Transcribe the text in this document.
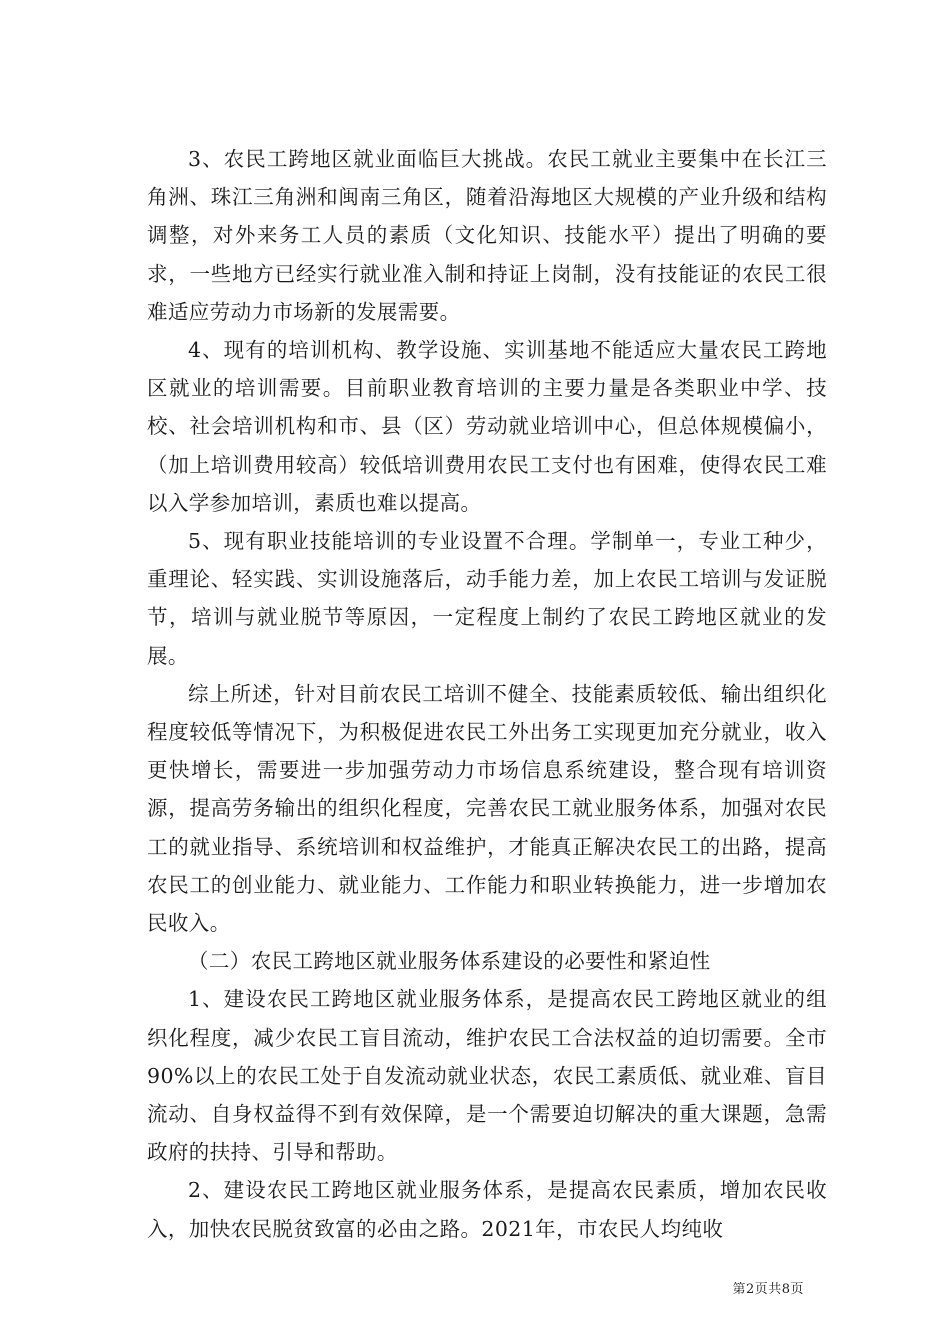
3、农民工跨地区就业面临巨大挑战。农民工就业主要集中在长江三角洲、珠江三角洲和闽南三角区，随着沿海地区大规模的产业升级和结构调整，对外来务工人员的素质（文化知识、技能水平）提出了明确的要求，一些地方已经实行就业准入制和持证上岗制，没有技能证的农民工很难适应劳动力市场新的发展需要。

4、现有的培训机构、教学设施、实训基地不能适应大量农民工跨地区就业的培训需要。目前职业教育培训的主要力量是各类职业中学、技校、社会培训机构和市、县（区）劳动就业培训中心，但总体规模偏小，（加上培训费用较高）较低培训费用农民工支付也有困难，使得农民工难以入学参加培训，素质也难以提高。

5、现有职业技能培训的专业设置不合理。学制单一，专业工种少，重理论、轻实践、实训设施落后，动手能力差，加上农民工培训与发证脱节，培训与就业脱节等原因，一定程度上制约了农民工跨地区就业的发展。

综上所述，针对目前农民工培训不健全、技能素质较低、输出组织化程度较低等情况下，为积极促进农民工外出务工实现更加充分就业，收入更快增长，需要进一步加强劳动力市场信息系统建设，整合现有培训资源，提高劳务输出的组织化程度，完善农民工就业服务体系，加强对农民工的就业指导、系统培训和权益维护，才能真正解决农民工的出路，提高农民工的创业能力、就业能力、工作能力和职业转换能力，进一步增加农民收入。

（二）农民工跨地区就业服务体系建设的必要性和紧迫性

1、建设农民工跨地区就业服务体系，是提高农民工跨地区就业的组织化程度，减少农民工盲目流动，维护农民工合法权益的迫切需要。全市90%以上的农民工处于自发流动就业状态，农民工素质低、就业难、盲目流动、自身权益得不到有效保障，是一个需要迫切解决的重大课题，急需政府的扶持、引导和帮助。

2、建设农民工跨地区就业服务体系，是提高农民素质，增加农民收入，加快农民脱贫致富的必由之路。2021年，市农民人均纯收

第2页共8页
